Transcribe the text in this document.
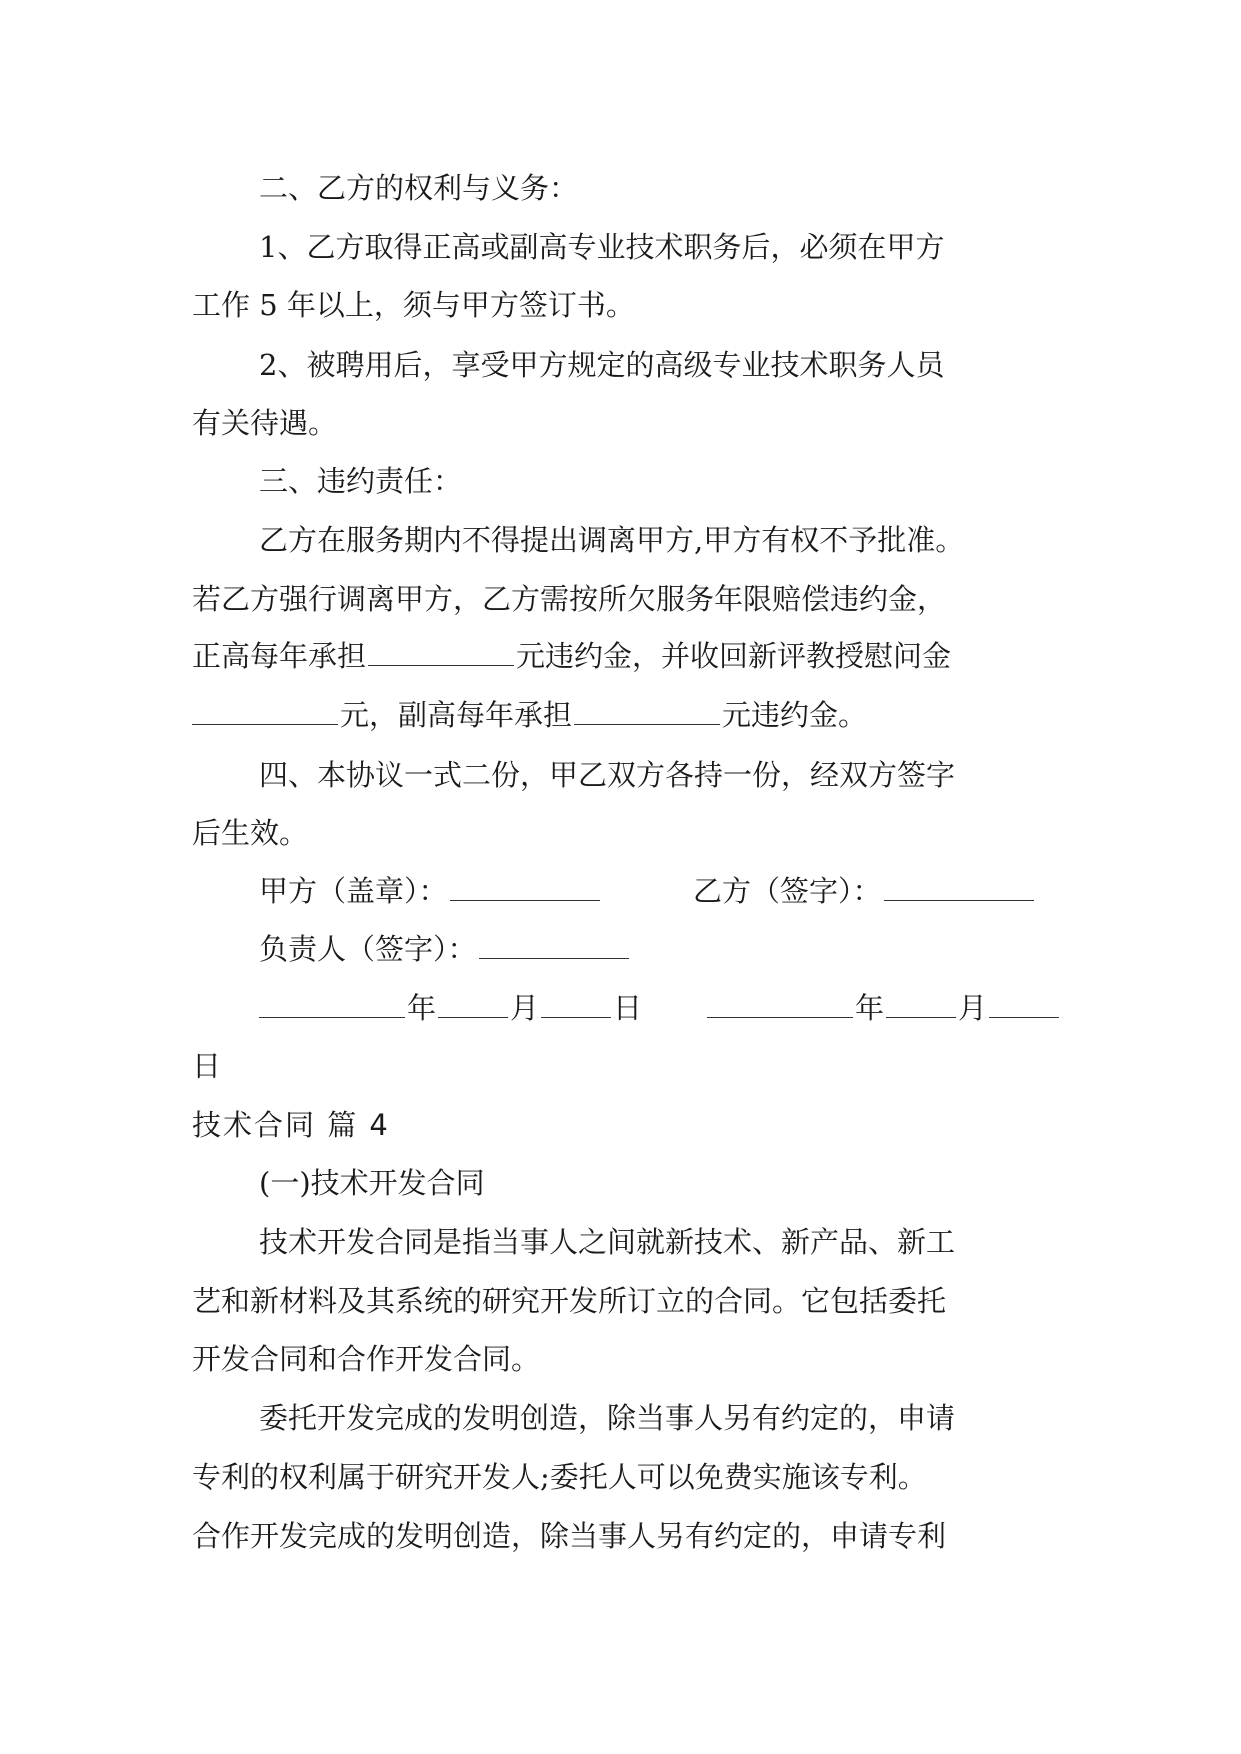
二、乙方的权利与义务：
1、乙方取得正高或副高专业技术职务后，必须在甲方
工作 5 年以上，须与甲方签订书。
2、被聘用后，享受甲方规定的高级专业技术职务人员
有关待遇。
三、违约责任：
乙方在服务期内不得提出调离甲方,甲方有权不予批准。
若乙方强行调离甲方，乙方需按所欠服务年限赔偿违约金，
正高每年承担	元违约金，并收回新评教授慰问金
元，副高每年承担	元违约金。
四、本协议一式二份，甲乙双方各持一份，经双方签字
后生效。
甲方（盖章）：	乙方（签字）：
负责人（签字）：
年	月	日	年	月
日
技术合同 篇 4
(一)技术开发合同
技术开发合同是指当事人之间就新技术、新产品、新工
艺和新材料及其系统的研究开发所订立的合同。它包括委托
开发合同和合作开发合同。
委托开发完成的发明创造，除当事人另有约定的，申请
专利的权利属于研究开发人;委托人可以免费实施该专利。
合作开发完成的发明创造，除当事人另有约定的，申请专利
